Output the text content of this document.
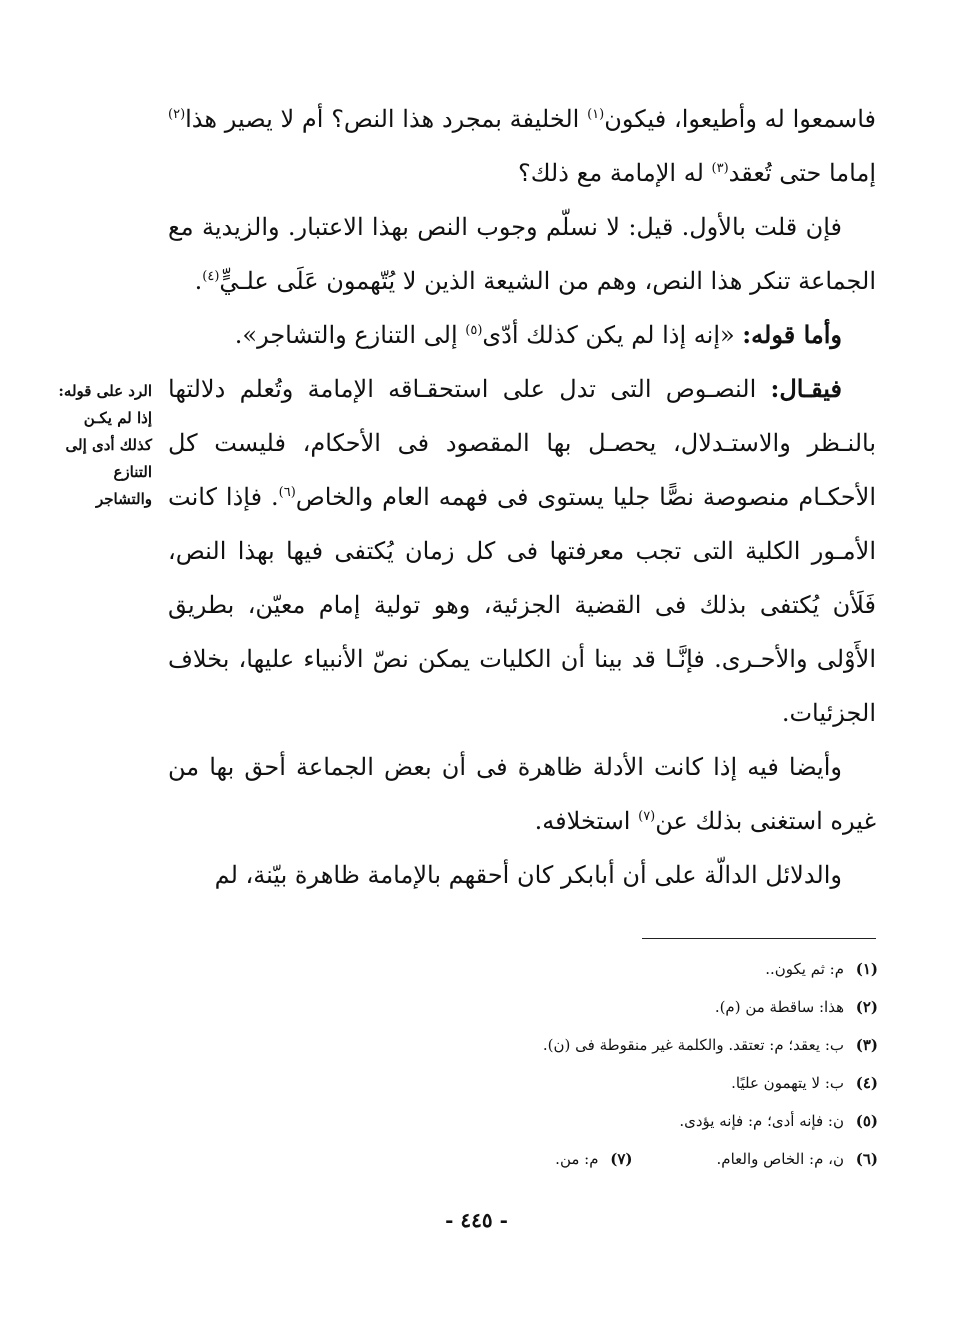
فاسمعوا له وأطيعوا، فيكون$^{(١)}$ الخليفة بمجرد هذا النص؟ أم لا يصير هذا$^{(٢)}$ إماما حتى تُعقد$^{(٣)}$ له الإمامة مع ذلك؟

فإن قلت بالأول. قيل: لا نسلّم وجوب النص بهذا الاعتبار. والزيدية مع الجماعة تنكر هذا النص، وهم من الشيعة الذين لا يُتّهمون عَلَى علـيٍّ$^{(٤)}$.

وأما قوله: «إنه إذا لم يكن كذلك أدّى$^{(٥)}$ إلى التنازع والتشاجر».

فيقـال: النصـوص التى تدل على استحقـاقه الإمامة وتُعلم دلالتها بالنـظر والاستـدلال، يحصـل بها المقصود فى الأحكام، فليست كل الأحكـام منصوصة نصًّا جليا يستوى فى فهمه العام والخاص$^{(٦)}$. فإذا كانت الأمـور الكلية التى تجب معرفتها فى كل زمان يُكتفى فيها بهذا النص، فَلَأن يُكتفى بذلك فى القضية الجزئية، وهو تولية إمام معيّن، بطريق الأَوْلى والأحـرى. فإنَّـا قد بينا أن الكليات يمكن نصّ الأنبياء عليها، بخلاف الجزئيات.

وأيضا فيه إذا كانت الأدلة ظاهرة فى أن بعض الجماعة أحق بها من غيره استغنى بذلك عن$^{(٧)}$ استخلافه.

والدلائل الدالّة على أن أبابكر كان أحقهم بالإمامة ظاهرة بيّنة، لم

الرد على قوله:
إذا لم يكـن
كذلك أدى إلى
التنازع
والتشاجر
(١)م: ثم يكون..
(٢)هذا: ساقطة من (م).
(٣)ب: يعقد؛ م: تعتقد. والكلمة غير منقوطة فى (ن).
(٤)ب: لا يتهمون عليًا.
(٥)ن: فإنه أدى؛ م: فإنه يؤدى.
(٦)ن، م: الخاص والعام.
(٧)م: من.
- ٤٤٥ -
